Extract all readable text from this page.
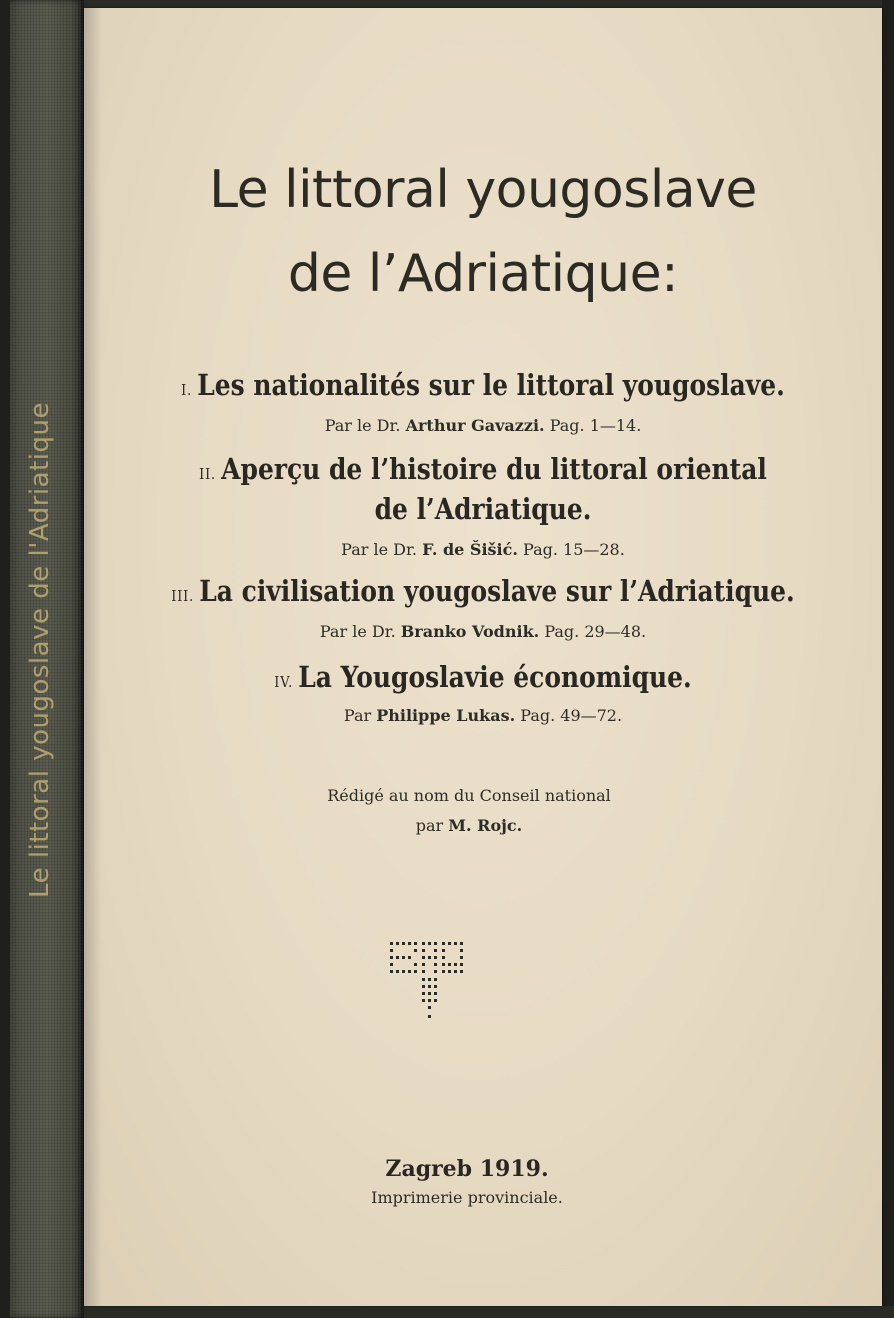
Le littoral yougoslave de l'Adriatique
Le littoral yougoslave
de l’Adriatique:
I. Les nationalités sur le littoral yougoslave.
Par le Dr. Arthur Gavazzi. Pag. 1—14.
II. Aperçu de l’histoire du littoral oriental
de l’Adriatique.
Par le Dr. F. de Šišić. Pag. 15—28.
III. La civilisation yougoslave sur l’Adriatique.
Par le Dr. Branko Vodnik. Pag. 29—48.
IV. La Yougoslavie économique.
Par Philippe Lukas. Pag. 49—72.
Rédigé au nom du Conseil national
par M. Rojc.
Zagreb 1919.
Imprimerie provinciale.
